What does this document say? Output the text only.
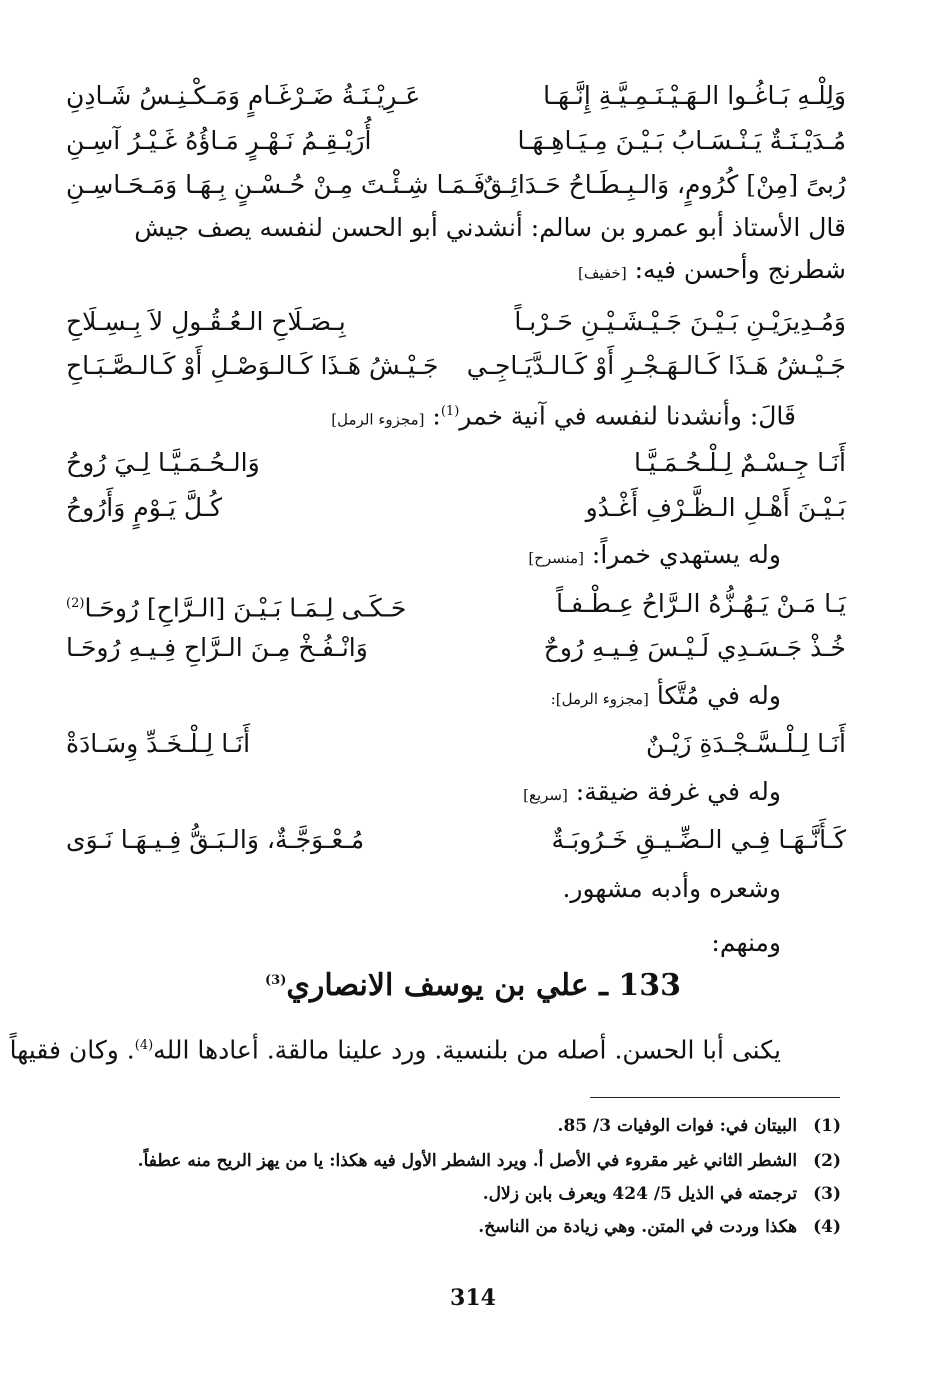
وَلِلْـهِ بَـاغُـوا الـهَـيْـنَـمِـيَّـةِ إِنَّـهَـا
عَـرِيْـنَـةُ ضَـرْغَـامٍ وَمَـكْـنِـسُ شَـادِنِ
مُـدَيْـنَـةٌ يَـنْـسَـابُ بَـيْـنَ مِـيَـاهِـهَـا
أُرَيْـقِـمُ نَـهْـرٍ مَـاؤُهُ غَـيْـرُ آسِـنِ
رُبىً [مِنْ] كُرُومٍ، وَالـبِـطَـاحُ حَـدَائِـقٌ
فَـمَـا شِـئْـتَ مِـنْ حُـسْـنٍ بِـهَـا وَمَـحَـاسِـنِ
قال الأستاذ أبو عمرو بن سالم: أنشدني أبو الحسن لنفسه يصف جيش
شطرنج وأحسن فيه: [خفيف]
وَمُـدِيرَيْـنِ بَـيْـنَ جَـيْـشَـيْـنِ حَـرْبـاً
بِـصَـلَاحِ الـعُـقُـولِ لاَ بِـسِـلَاحِ
جَـيْـشُ هَـذَا كَـالـهَـجْـرِ أَوْ كَـالـدَّيَـاجِـي
جَـيْـشُ هَـذَا كَـالـوَصْـلِ أَوْ كَـالـصَّـبَـاحِ
قَالَ: وأنشدنا لنفسه في آنية خمر$^{(1)}$: [مجزوء الرمل]
أَنَـا جِـسْـمٌ لِـلْـحُـمَـيَّـا
وَالـحُـمَـيَّـا لِـيَ رُوحُ
بَـيْـنَ أَهْـلِ الـظَّـرْفِ أَغْـدُو
كُـلَّ يَـوْمٍ وَأَرُوحُ
وله يستهدي خمراً: [منسرح]
يَـا مَـنْ يَـهُـزُّهُ الـرَّاحُ عِـطْـفـاً
حَـكَـى لِـمَـا بَـيْـنَ [الـرَّاحِ] رُوحَـا$^{(2)}$
خُـذْ جَـسَـدِي لَـيْـسَ فِـيـهِ رُوحٌ
وَانْـفُـخْ مِـنَ الـرَّاحِ فِـيـهِ رُوحَـا
وله في مُتَّكأ [مجزوء الرمل]:
أَنَـا لِـلْـسَّـجْـدَةِ زَيْـنٌ
أَنَـا لِـلْـخَـدِّ وِسَـادَةْ
وله في غرفة ضيقة: [سريع]
كَـأَنَّـهَـا فِـي الـضِّـيـقِ خَـرُوبَـةٌ
مُـعْـوَجَّـةٌ، وَالـبَـقُّ فِـيـهَـا نَـوَى
وشعره وأدبه مشهور.
ومنهم:
133 ـ علي بن يوسف الانصاري$^{(3)}$
يكنى أبا الحسن. أصله من بلنسية. ورد علينا مالقة. أعادها الله$^{(4)}$. وكان فقيهاً
(1) البيتان في: فوات الوفيات 3/ 85.
(2) الشطر الثاني غير مقروء في الأصل أ. ويرد الشطر الأول فيه هكذا: يا من يهز الريح منه عطفاً.
(3) ترجمته في الذيل 5/ 424 ويعرف بابن زلال.
(4) هكذا وردت في المتن. وهي زيادة من الناسخ.
314
